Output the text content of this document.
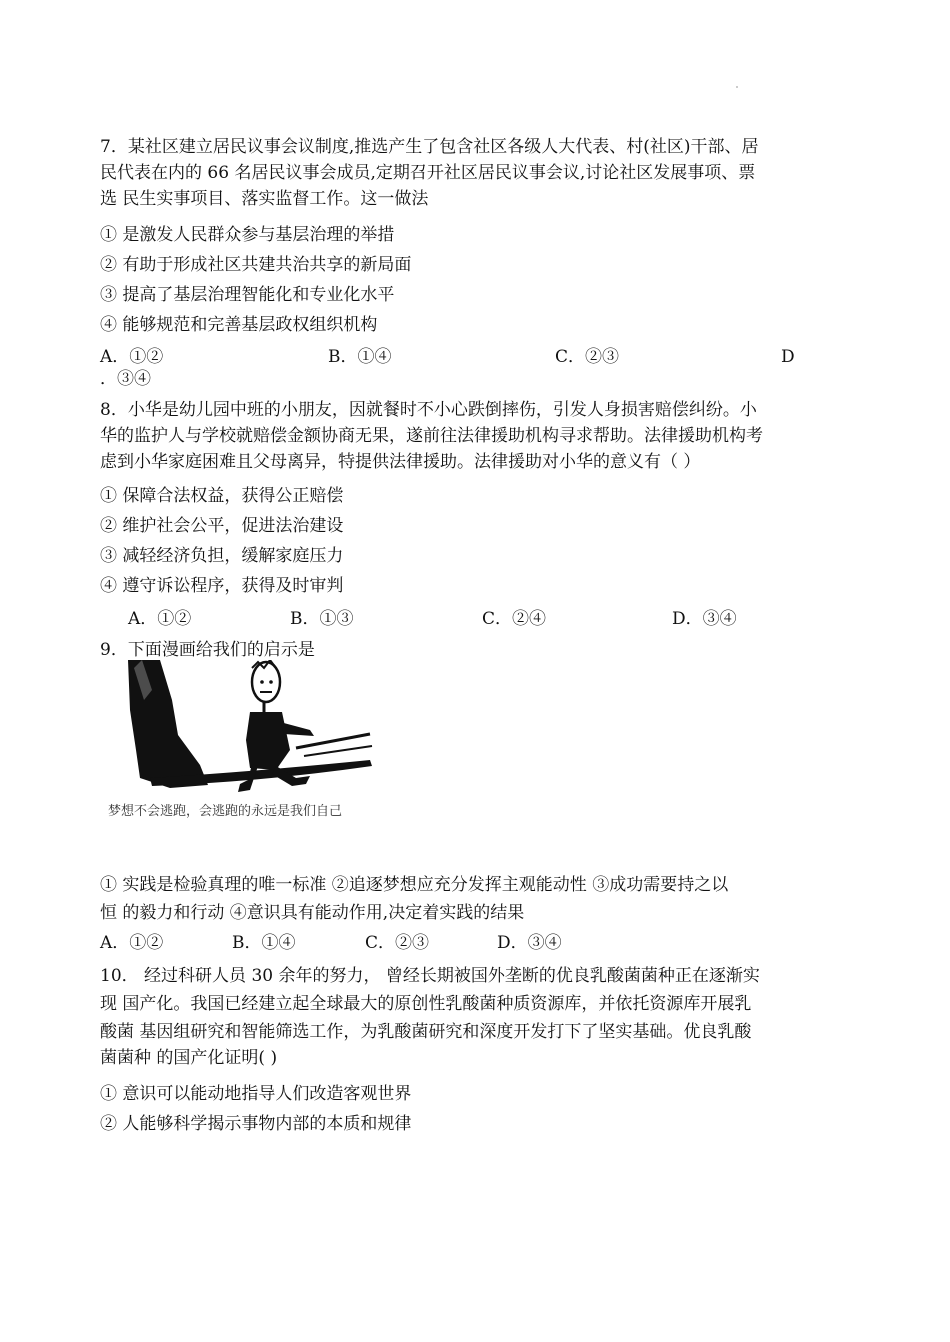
7．某社区建立居民议事会议制度,推选产生了包含社区各级人大代表、村(社区)干部、居
民代表在内的 66 名居民议事会成员,定期召开社区居民议事会议,讨论社区发展事项、票
选 民生实事项目、落实监督工作。这一做法
① 是激发人民群众参与基层治理的举措
② 有助于形成社区共建共治共享的新局面
③ 提高了基层治理智能化和专业化水平
④ 能够规范和完善基层政权组织机构
A．①②	B．①④	C．②③	D
．③④
8．小华是幼儿园中班的小朋友，因就餐时不小心跌倒摔伤，引发人身损害赔偿纠纷。小
华的监护人与学校就赔偿金额协商无果，遂前往法律援助机构寻求帮助。法律援助机构考
虑到小华家庭困难且父母离异，特提供法律援助。法律援助对小华的意义有（ ）
① 保障合法权益，获得公正赔偿
② 维护社会公平，促进法治建设
③ 减轻经济负担，缓解家庭压力
④ 遵守诉讼程序，获得及时审判
A．①②	B．①③	C．②④	D．③④
9．下面漫画给我们的启示是
梦想不会逃跑，会逃跑的永远是我们自己
① 实践是检验真理的唯一标准 ②追逐梦想应充分发挥主观能动性 ③成功需要持之以
恒 的毅力和行动 ④意识具有能动作用,决定着实践的结果
A．①②	B．①④	C．②③	D．③④
10． 经过科研人员 30 余年的努力， 曾经长期被国外垄断的优良乳酸菌菌种正在逐渐实
现 国产化。我国已经建立起全球最大的原创性乳酸菌种质资源库，并依托资源库开展乳
酸菌 基因组研究和智能筛选工作，为乳酸菌研究和深度开发打下了坚实基础。优良乳酸
菌菌种 的国产化证明( )
① 意识可以能动地指导人们改造客观世界
② 人能够科学揭示事物内部的本质和规律
